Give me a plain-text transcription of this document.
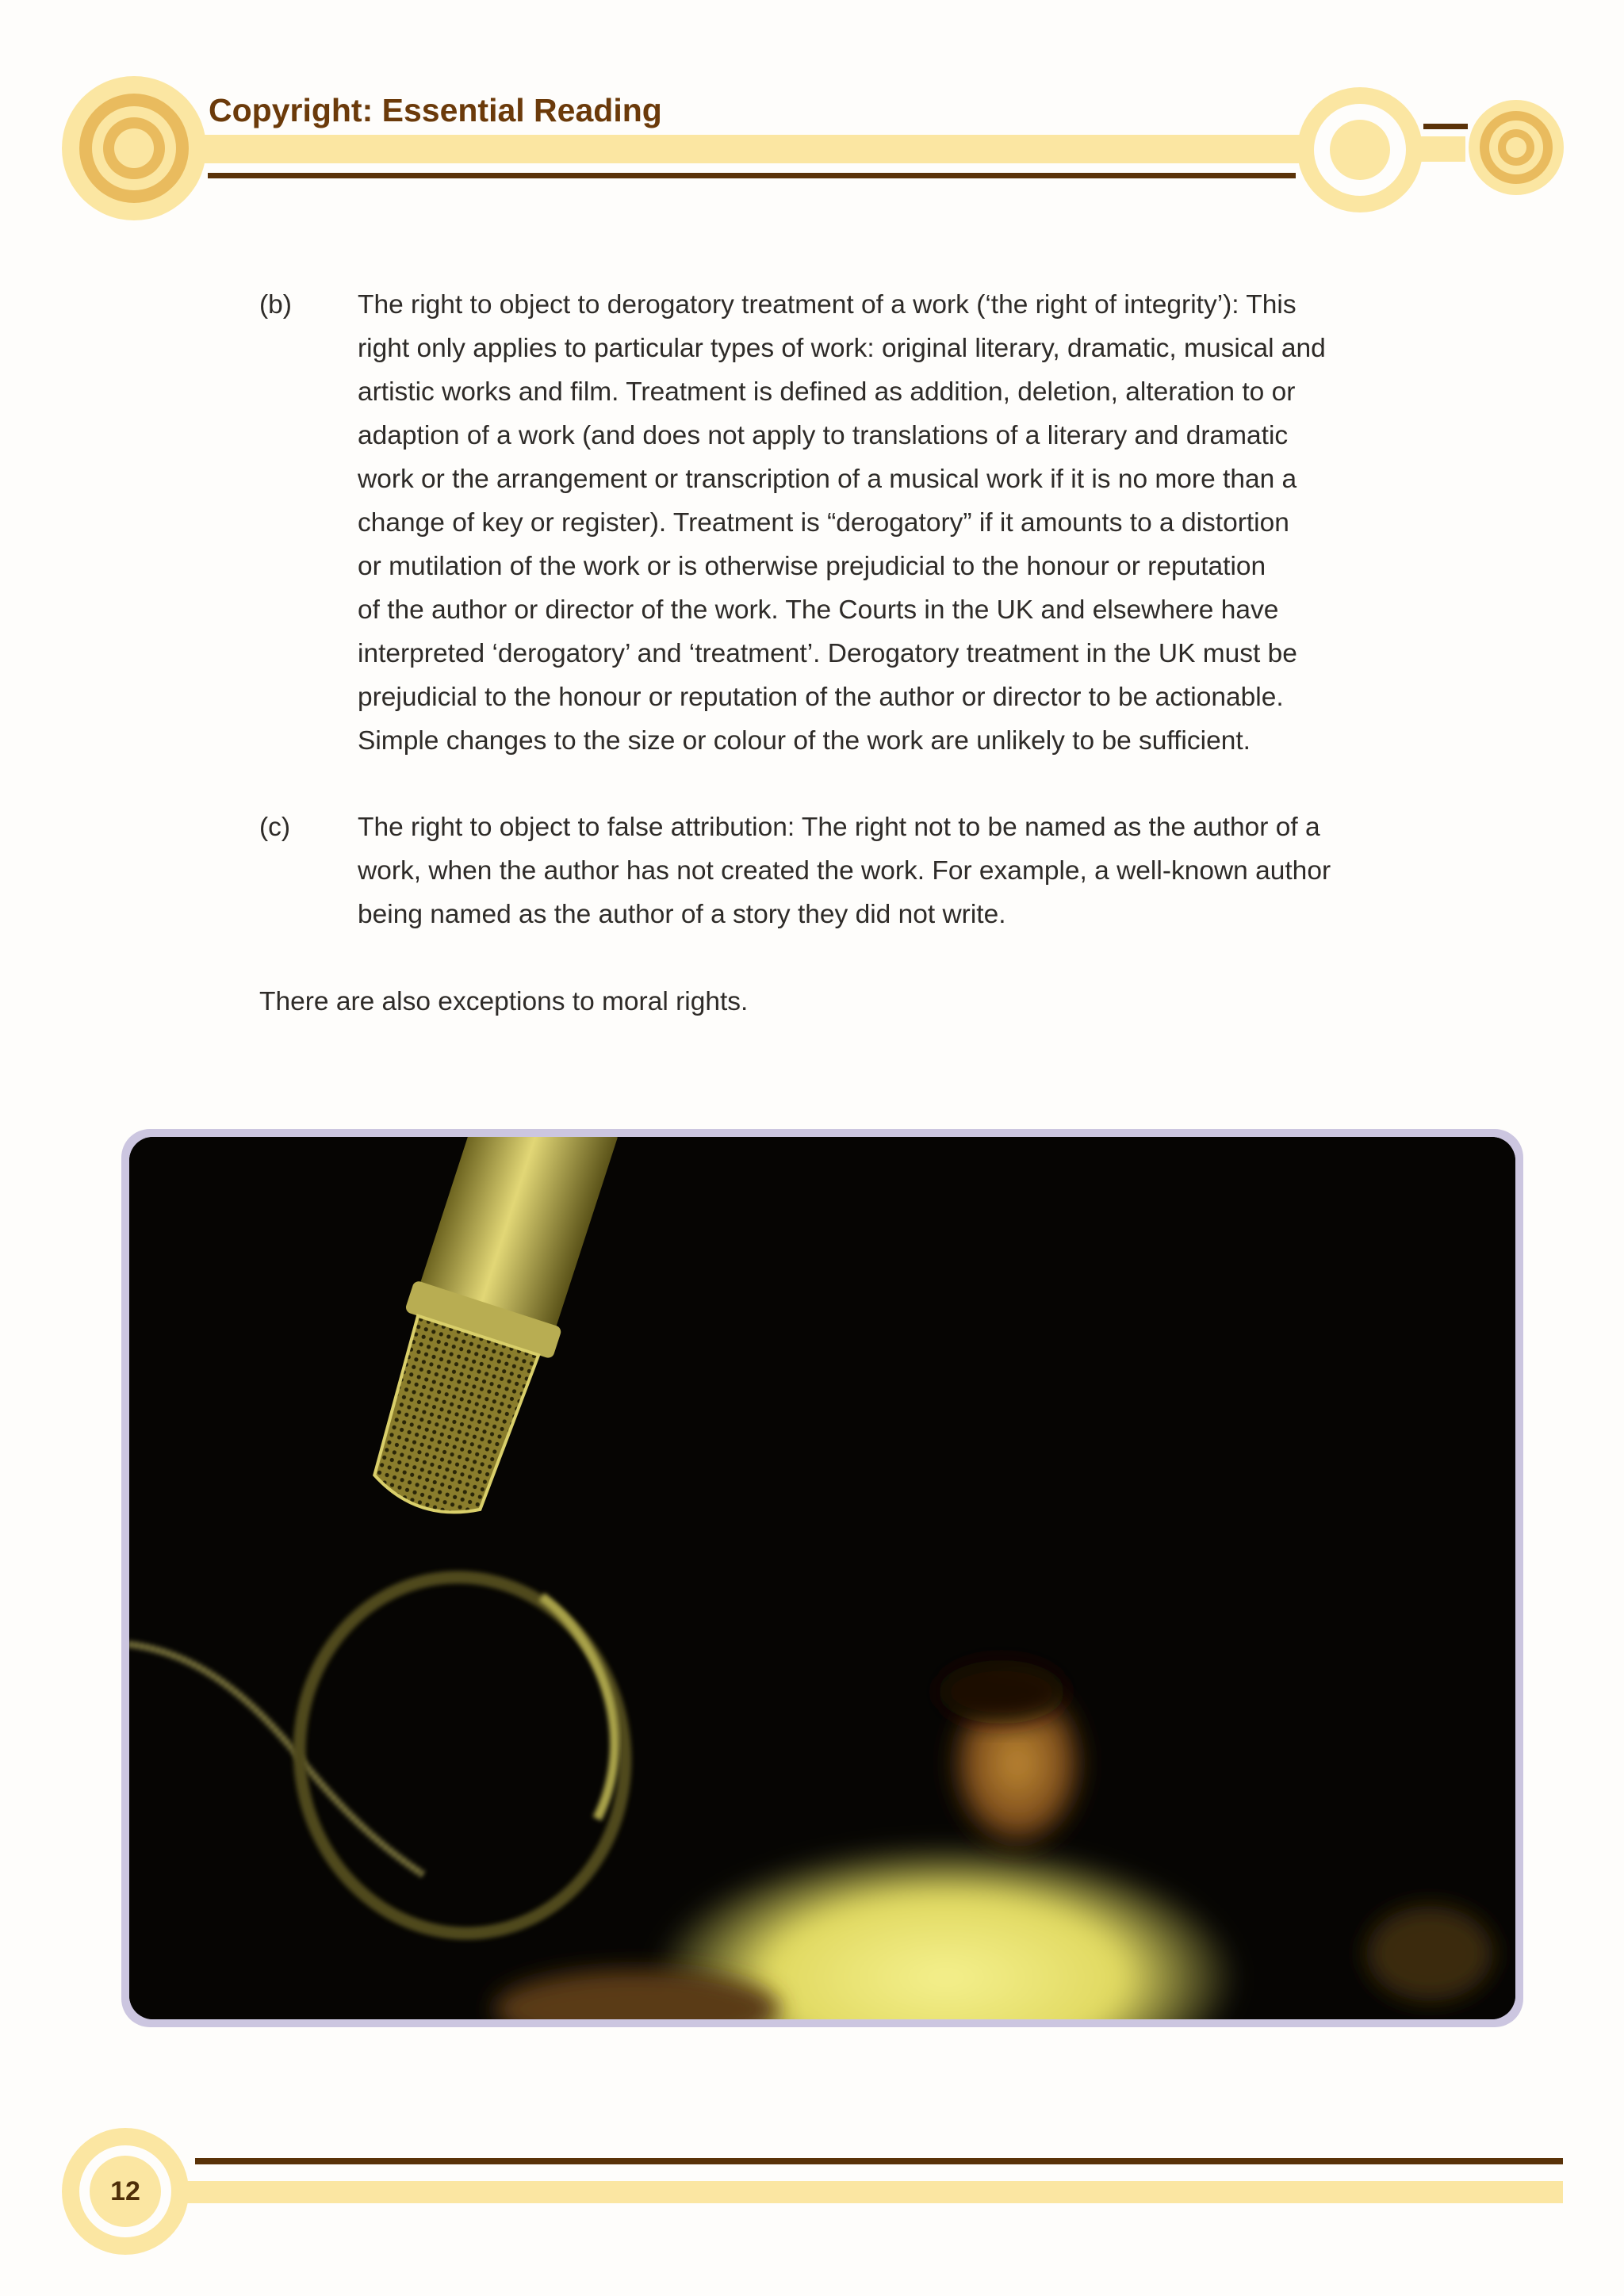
Copyright: Essential Reading
(b) The right to object to derogatory treatment of a work (‘the right of integrity’): This
right only applies to particular types of work: original literary, dramatic, musical and
artistic works and film. Treatment is defined as addition, deletion, alteration to or
adaption of a work (and does not apply to translations of a literary and dramatic
work or the arrangement or transcription of a musical work if it is no more than a
change of key or register). Treatment is “derogatory” if it amounts to a distortion
or mutilation of the work or is otherwise prejudicial to the honour or reputation
of the author or director of the work. The Courts in the UK and elsewhere have
interpreted ‘derogatory’ and ‘treatment’. Derogatory treatment in the UK must be
prejudicial to the honour or reputation of the author or director to be actionable.
Simple changes to the size or colour of the work are unlikely to be sufficient.
(c)	The right to object to false attribution: The right not to be named as the author of a
work, when the author has not created the work. For example, a well-known author
being named as the author of a story they did not write.
There are also exceptions to moral rights.
12
